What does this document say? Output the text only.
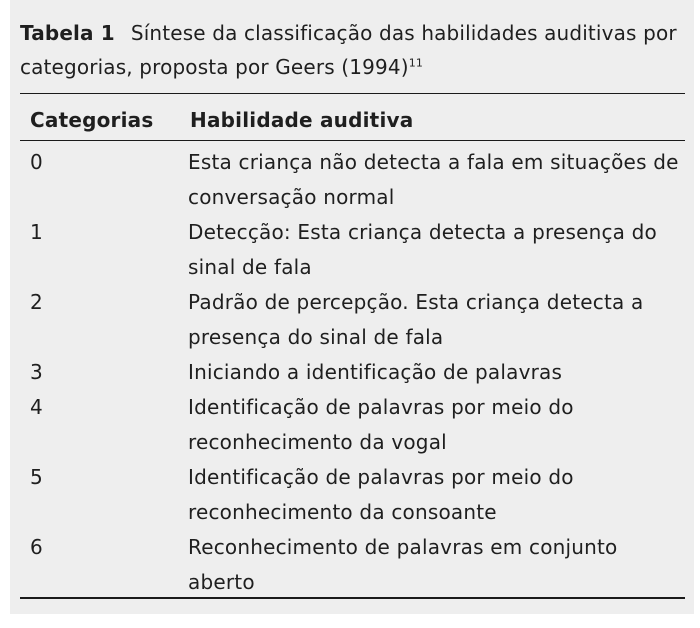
Tabela 1 Síntese da classificação das habilidades auditivas por categorias, proposta por Geers $(1994)^{11}$
Categorias Habilidade auditiva
0	Esta criança não detecta a fala em situações de conversação normal
1	Detecção: Esta criança detecta a presença do sinal de fala
2	Padrão de percepção. Esta criança detecta a presença do sinal de fala
3	Iniciando a identificação de palavras
4	Identificação de palavras por meio do reconhecimento da vogal
5	Identificação de palavras por meio do reconhecimento da consoante
6	Reconhecimento de palavras em conjunto aberto
